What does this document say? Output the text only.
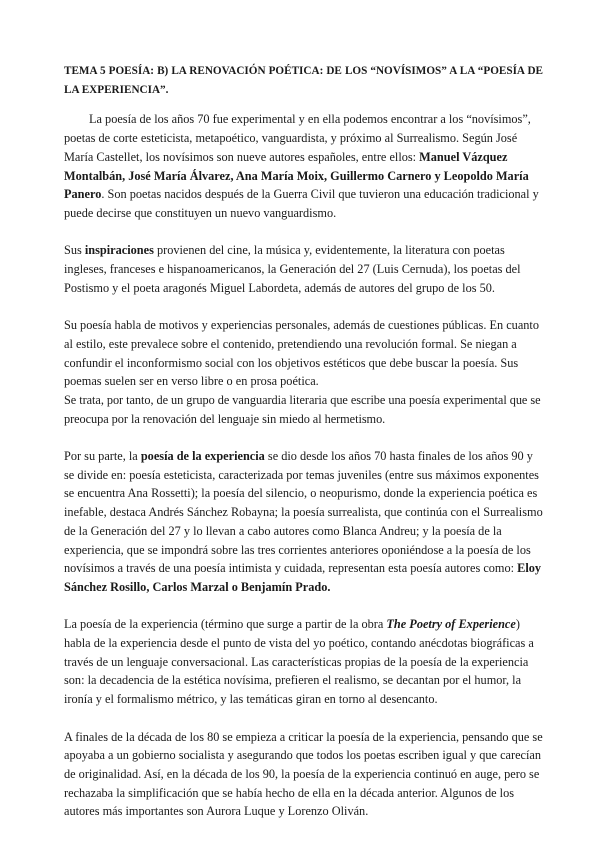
TEMA 5 POESÍA: B) LA RENOVACIÓN POÉTICA: DE LOS “NOVÍSIMOS” A LA “POESÍA DE LA EXPERIENCIA”.

La poesía de los años 70 fue experimental y en ella podemos encontrar a los “novísimos”, poetas de corte esteticista, metapoético, vanguardista, y próximo al Surrealismo. Según José María Castellet, los novísimos son nueve autores españoles, entre ellos: Manuel Vázquez Montalbán, José María Álvarez, Ana María Moix, Guillermo Carnero y Leopoldo María Panero. Son poetas nacidos después de la Guerra Civil que tuvieron una educación tradicional y puede decirse que constituyen un nuevo vanguardismo.

Sus inspiraciones provienen del cine, la música y, evidentemente, la literatura con poetas ingleses, franceses e hispanoamericanos, la Generación del 27 (Luis Cernuda), los poetas del Postismo y el poeta aragonés Miguel Labordeta, además de autores del grupo de los 50.

Su poesía habla de motivos y experiencias personales, además de cuestiones públicas. En cuanto al estilo, este prevalece sobre el contenido, pretendiendo una revolución formal. Se niegan a confundir el inconformismo social con los objetivos estéticos que debe buscar la poesía. Sus poemas suelen ser en verso libre o en prosa poética.

Se trata, por tanto, de un grupo de vanguardia literaria que escribe una poesía experimental que se preocupa por la renovación del lenguaje sin miedo al hermetismo.

Por su parte, la poesía de la experiencia se dio desde los años 70 hasta finales de los años 90 y se divide en: poesía esteticista, caracterizada por temas juveniles (entre sus máximos exponentes se encuentra Ana Rossetti); la poesía del silencio, o neopurismo, donde la experiencia poética es inefable, destaca Andrés Sánchez Robayna; la poesía surrealista, que continúa con el Surrealismo de la Generación del 27 y lo llevan a cabo autores como Blanca Andreu; y la poesía de la experiencia, que se impondrá sobre las tres corrientes anteriores oponiéndose a la poesía de los novísimos a través de una poesía intimista y cuidada, representan esta poesía autores como: Eloy Sánchez Rosillo, Carlos Marzal o Benjamín Prado.

La poesía de la experiencia (término que surge a partir de la obra The Poetry of Experience) habla de la experiencia desde el punto de vista del yo poético, contando anécdotas biográficas a través de un lenguaje conversacional. Las características propias de la poesía de la experiencia son: la decadencia de la estética novísima, prefieren el realismo, se decantan por el humor, la ironía y el formalismo métrico, y las temáticas giran en torno al desencanto.

A finales de la década de los 80 se empieza a criticar la poesía de la experiencia, pensando que se apoyaba a un gobierno socialista y asegurando que todos los poetas escriben igual y que carecían de originalidad. Así, en la década de los 90, la poesía de la experiencia continuó en auge, pero se rechazaba la simplificación que se había hecho de ella en la década anterior. Algunos de los autores más importantes son Aurora Luque y Lorenzo Oliván.
